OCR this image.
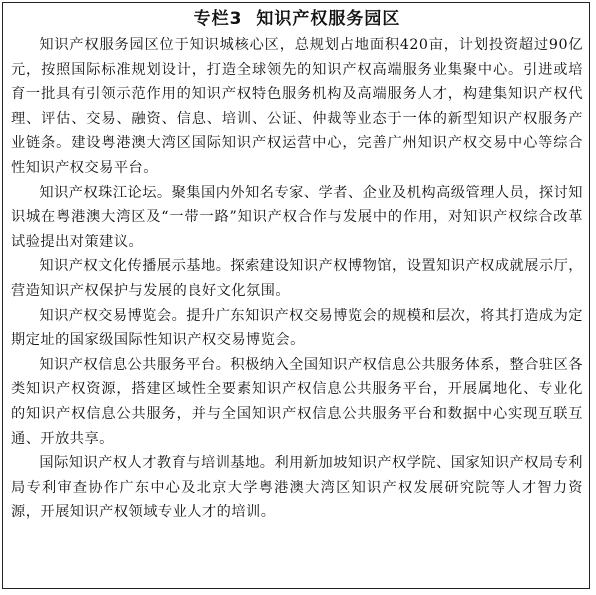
专栏3 知识产权服务园区

知识产权服务园区位于知识城核心区，总规划占地面积420亩，计划投资超过90亿元，按照国际标准规划设计，打造全球领先的知识产权高端服务业集聚中心。引进或培育一批具有引领示范作用的知识产权特色服务机构及高端服务人才，构建集知识产权代理、评估、交易、融资、信息、培训、公证、仲裁等业态于一体的新型知识产权服务产业链条。建设粤港澳大湾区国际知识产权运营中心，完善广州知识产权交易中心等综合性知识产权交易平台。

知识产权珠江论坛。聚集国内外知名专家、学者、企业及机构高级管理人员，探讨知识城在粤港澳大湾区及“一带一路”知识产权合作与发展中的作用，对知识产权综合改革试验提出对策建议。

知识产权文化传播展示基地。探索建设知识产权博物馆，设置知识产权成就展示厅，营造知识产权保护与发展的良好文化氛围。

知识产权交易博览会。提升广东知识产权交易博览会的规模和层次，将其打造成为定期定址的国家级国际性知识产权交易博览会。

知识产权信息公共服务平台。积极纳入全国知识产权信息公共服务体系，整合驻区各类知识产权资源，搭建区域性全要素知识产权信息公共服务平台，开展属地化、专业化的知识产权信息公共服务，并与全国知识产权信息公共服务平台和数据中心实现互联互通、开放共享。

国际知识产权人才教育与培训基地。利用新加坡知识产权学院、国家知识产权局专利局专利审查协作广东中心及北京大学粤港澳大湾区知识产权发展研究院等人才智力资源，开展知识产权领域专业人才的培训。
